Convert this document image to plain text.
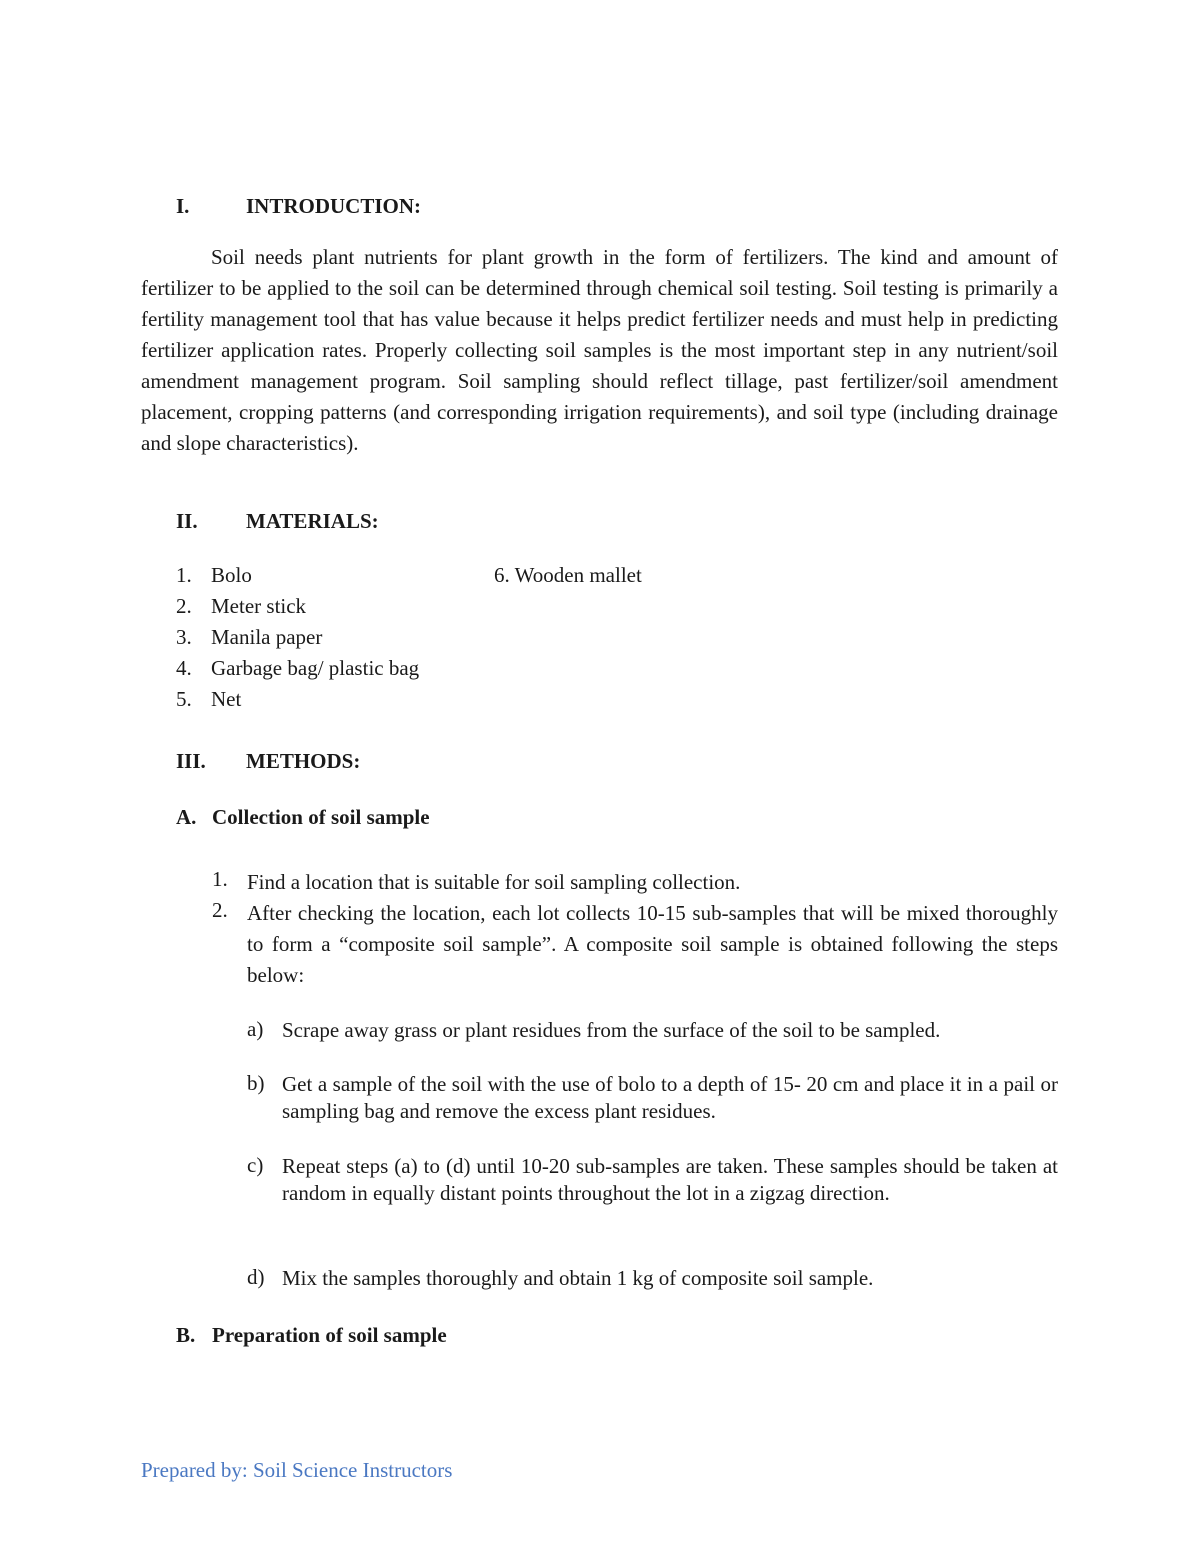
I.	INTRODUCTION:
Soil needs plant nutrients for plant growth in the form of fertilizers. The kind and amount of fertilizer to be applied to the soil can be determined through chemical soil testing. Soil testing is primarily a fertility management tool that has value because it helps predict fertilizer needs and must help in predicting fertilizer application rates. Properly collecting soil samples is the most important step in any nutrient/soil amendment management program. Soil sampling should reflect tillage, past fertilizer/soil amendment placement, cropping patterns (and corresponding irrigation requirements), and soil type (including drainage and slope characteristics).
II. MATERIALS:
1. Bolo
2. Meter stick
3. Manila paper
4. Garbage bag/ plastic bag
5. Net
6. Wooden mallet
III. METHODS:
A. Collection of soil sample
1. Find a location that is suitable for soil sampling collection.
2. After checking the location, each lot collects 10-15 sub-samples that will be mixed thoroughly to form a “composite soil sample”. A composite soil sample is obtained following the steps below:
a) Scrape away grass or plant residues from the surface of the soil to be sampled.
b) Get a sample of the soil with the use of bolo to a depth of 15- 20 cm and place it in a pail or sampling bag and remove the excess plant residues.
c) Repeat steps (a) to (d) until 10-20 sub-samples are taken. These samples should be taken at random in equally distant points throughout the lot in a zigzag direction.
d) Mix the samples thoroughly and obtain 1 kg of composite soil sample.
B. Preparation of soil sample
Prepared by: Soil Science Instructors
